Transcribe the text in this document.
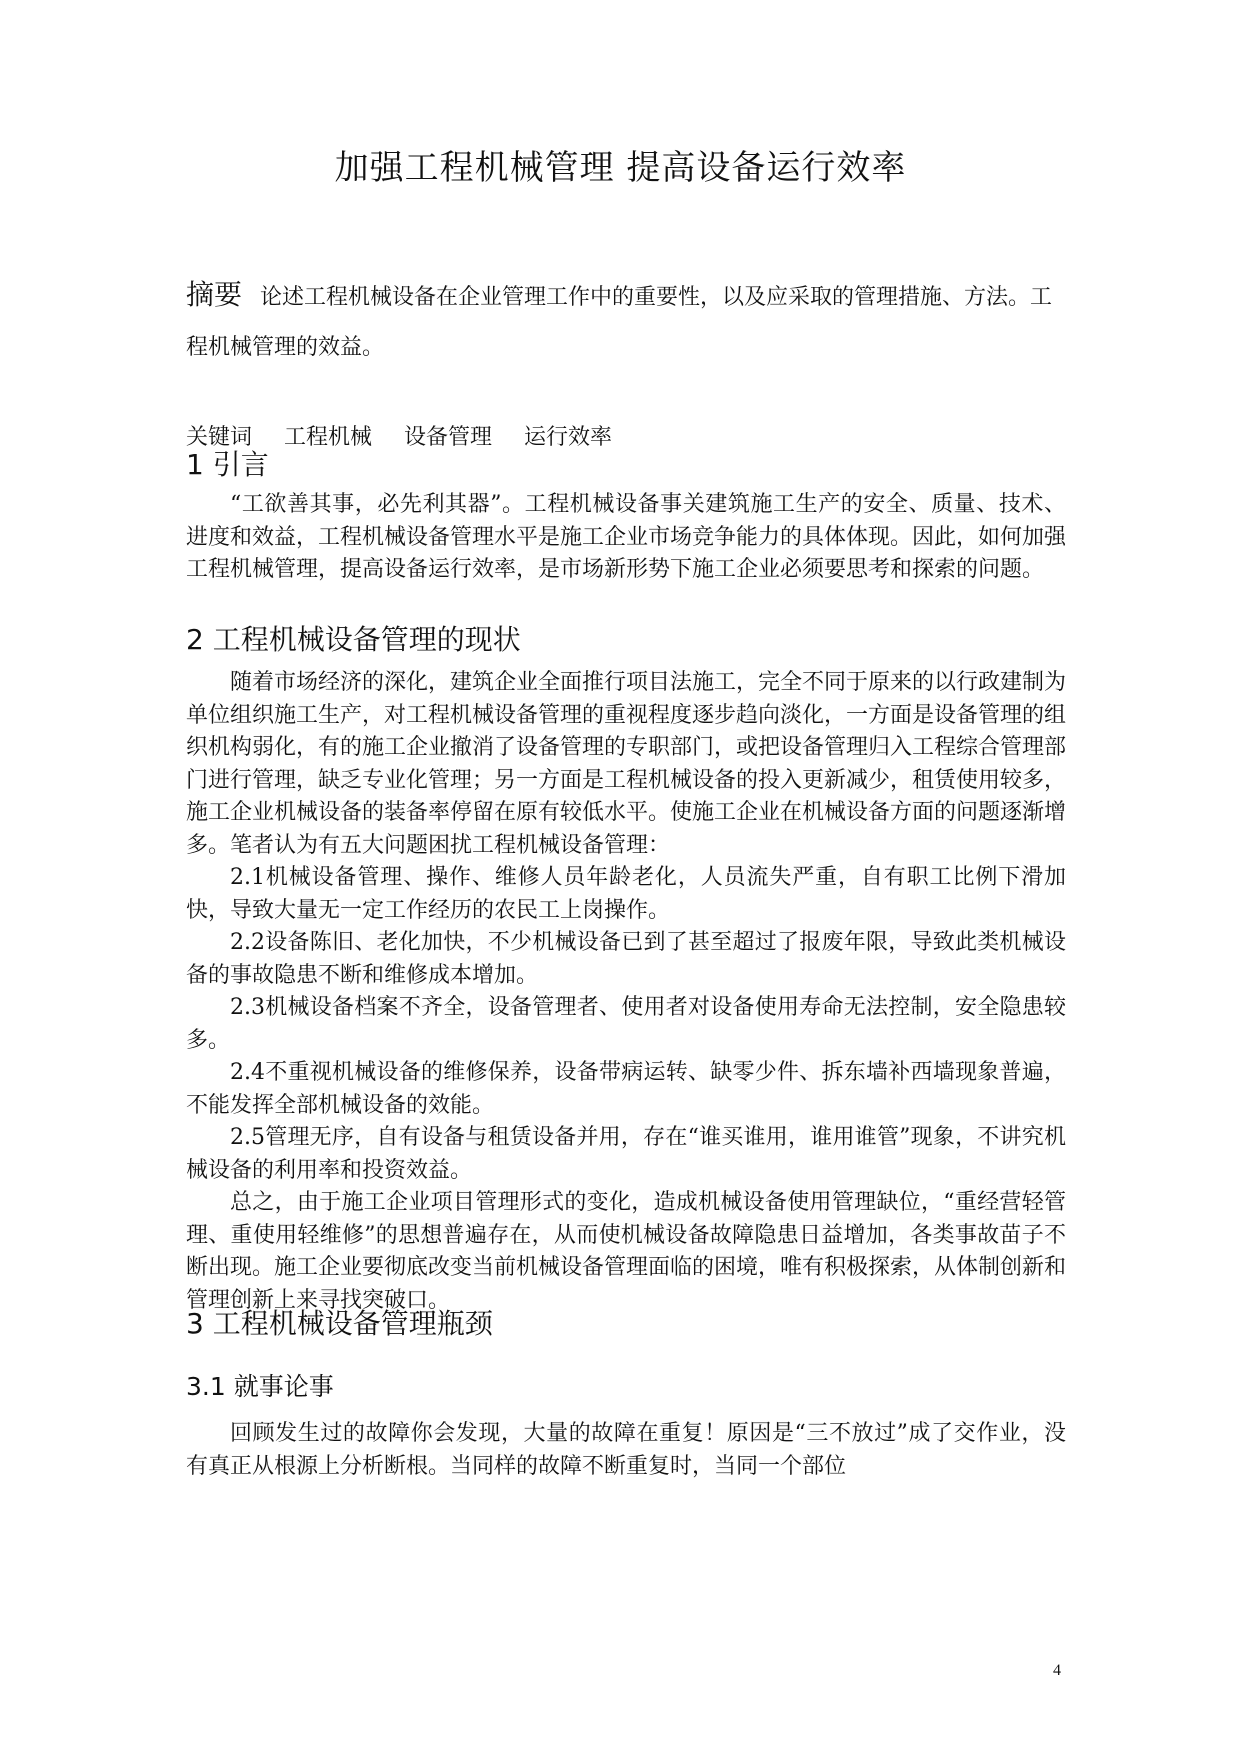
加强工程机械管理 提高设备运行效率

摘要 论述工程机械设备在企业管理工作中的重要性，以及应采取的管理措施、方法。工程机械管理的效益。

关键词 工程机械 设备管理 运行效率
1 引言

“工欲善其事，必先利其器”。工程机械设备事关建筑施工生产的安全、质量、技术、进度和效益，工程机械设备管理水平是施工企业市场竞争能力的具体体现。因此，如何加强工程机械管理，提高设备运行效率，是市场新形势下施工企业必须要思考和探索的问题。

2 工程机械设备管理的现状

随着市场经济的深化，建筑企业全面推行项目法施工，完全不同于原来的以行政建制为单位组织施工生产，对工程机械设备管理的重视程度逐步趋向淡化，一方面是设备管理的组织机构弱化，有的施工企业撤消了设备管理的专职部门，或把设备管理归入工程综合管理部门进行管理，缺乏专业化管理；另一方面是工程机械设备的投入更新减少，租赁使用较多，施工企业机械设备的装备率停留在原有较低水平。使施工企业在机械设备方面的问题逐渐增多。笔者认为有五大问题困扰工程机械设备管理：

2.1机械设备管理、操作、维修人员年龄老化，人员流失严重，自有职工比例下滑加快，导致大量无一定工作经历的农民工上岗操作。

2.2设备陈旧、老化加快，不少机械设备已到了甚至超过了报废年限，导致此类机械设备的事故隐患不断和维修成本增加。

2.3机械设备档案不齐全，设备管理者、使用者对设备使用寿命无法控制，安全隐患较多。

2.4不重视机械设备的维修保养，设备带病运转、缺零少件、拆东墙补西墙现象普遍，不能发挥全部机械设备的效能。

2.5管理无序，自有设备与租赁设备并用，存在“谁买谁用，谁用谁管”现象，不讲究机械设备的利用率和投资效益。

总之，由于施工企业项目管理形式的变化，造成机械设备使用管理缺位，“重经营轻管理、重使用轻维修”的思想普遍存在，从而使机械设备故障隐患日益增加，各类事故苗子不断出现。施工企业要彻底改变当前机械设备管理面临的困境，唯有积极探索，从体制创新和管理创新上来寻找突破口。

3 工程机械设备管理瓶颈
3.1 就事论事

回顾发生过的故障你会发现，大量的故障在重复！原因是“三不放过”成了交作业，没有真正从根源上分析断根。当同样的故障不断重复时，当同一个部位

4
